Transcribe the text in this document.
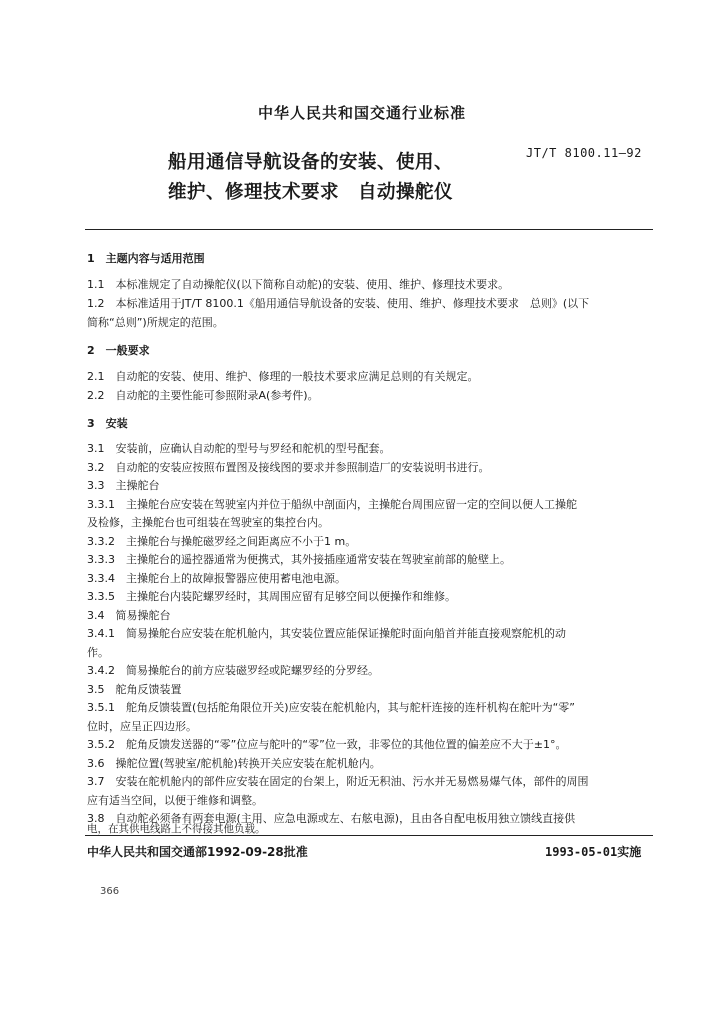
中华人民共和国交通行业标准
船用通信导航设备的安装、使用、
维护、修理技术要求　自动操舵仪
JT/T 8100.11—92
1　主题内容与适用范围
1.1　本标准规定了自动操舵仪(以下简称自动舵)的安装、使用、维护、修理技术要求。
1.2　本标准适用于JT/T 8100.1《船用通信导航设备的安装、使用、维护、修理技术要求　总则》(以下
简称“总则”)所规定的范围。
2　一般要求
2.1　自动舵的安装、使用、维护、修理的一般技术要求应满足总则的有关规定。
2.2　自动舵的主要性能可参照附录A(参考件)。
3　安装
3.1　安装前，应确认自动舵的型号与罗经和舵机的型号配套。
3.2　自动舵的安装应按照布置图及接线图的要求并参照制造厂的安装说明书进行。
3.3　主操舵台
3.3.1　主操舵台应安装在驾驶室内并位于船纵中剖面内，主操舵台周围应留一定的空间以便人工操舵
及检修，主操舵台也可组装在驾驶室的集控台内。
3.3.2　主操舵台与操舵磁罗经之间距离应不小于1 m。
3.3.3　主操舵台的遥控器通常为便携式，其外接插座通常安装在驾驶室前部的舱壁上。
3.3.4　主操舵台上的故障报警器应使用蓄电池电源。
3.3.5　主操舵台内装陀螺罗经时，其周围应留有足够空间以便操作和维修。
3.4　简易操舵台
3.4.1　简易操舵台应安装在舵机舱内，其安装位置应能保证操舵时面向船首并能直接观察舵机的动
作。
3.4.2　简易操舵台的前方应装磁罗经或陀螺罗经的分罗经。
3.5　舵角反馈装置
3.5.1　舵角反馈装置(包括舵角限位开关)应安装在舵机舱内，其与舵杆连接的连杆机构在舵叶为“零”
位时，应呈正四边形。
3.5.2　舵角反馈发送器的“零”位应与舵叶的“零”位一致，非零位的其他位置的偏差应不大于±1°。
3.6　操舵位置(驾驶室/舵机舱)转换开关应安装在舵机舱内。
3.7　安装在舵机舱内的部件应安装在固定的台架上，附近无积油、污水并无易燃易爆气体，部件的周围
应有适当空间，以便于维修和调整。
3.8　自动舵必须备有两套电源(主用、应急电源或左、右舷电源)，且由各自配电板用独立馈线直接供
电，在其供电线路上不得接其他负载。
中华人民共和国交通部1992-09-28批准	1993-05-01实施
366
